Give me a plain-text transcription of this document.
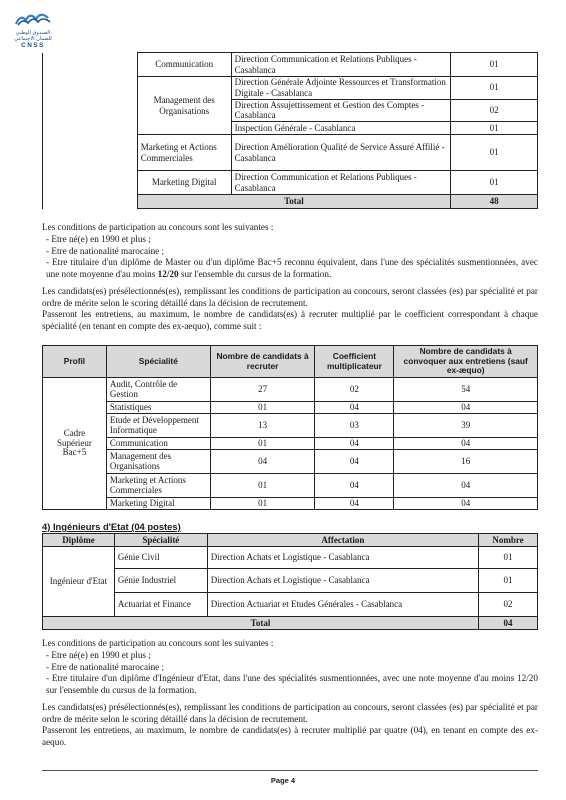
الصندوق الوطني للضمان الاجتماعي
CNSS
	Communication	Direction Communication et Relations Publiques - Casablanca	01
	Management des Organisations	Direction Générale Adjointe Ressources et Transformation Digitale - Casablanca	01
		Direction Assujettissement et Gestion des Comptes - Casablanca	02
		Inspection Générale - Casablanca	01
	Marketing et Actions Commerciales	Direction Amélioration Qualité de Service Assuré Affilié - Casablanca	01
	Marketing Digital	Direction Communication et Relations Publiques - Casablanca	01
	Total		48
Les conditions de participation au concours sont les suivantes :
- Etre né(e) en 1990 et plus ;
- Etre de nationalité marocaine ;
- Etre titulaire d'un diplôme de Master ou d'un diplôme Bac+5 reconnu équivalent, dans l'une des spécialités susmentionnées, avec une note moyenne d'au moins 12/20 sur l'ensemble du cursus de la formation.
Les candidats(es) présélectionnés(es), remplissant les conditions de participation au concours, seront classées (es) par spécialité et par ordre de mérite selon le scoring détaillé dans la décision de recrutement.
Passeront les entretiens, au maximum, le nombre de candidats(es) à recruter multiplié par le coefficient correspondant à chaque spécialité (en tenant en compte des ex-aequo), comme suit :
Profil	Spécialité	Nombre de candidats à recruter	Coefficient multiplicateur	Nombre de candidats à convoquer aux entretiens (sauf ex-æquo)
Cadre Supérieur Bac+5	Audit, Contrôle de Gestion	27	02	54
	Statistiques	01	04	04
	Etude et Développement Informatique	13	03	39
	Communication	01	04	04
	Management des Organisations	04	04	16
	Marketing et Actions Commerciales	01	04	04
	Marketing Digital	01	04	04
4) Ingénieurs d'Etat (04 postes)
Diplôme	Spécialité	Affectation	Nombre
Ingénieur d'Etat	Génie Civil	Direction Achats et Logistique - Casablanca	01
	Génie Industriel	Direction Achats et Logistique - Casablanca	01
	Actuariat et Finance	Direction Actuariat et Etudes Générales - Casablanca	02
Total			04
Les conditions de participation au concours sont les suivantes :
- Etre né(e) en 1990 et plus ;
- Etre de nationalité marocaine ;
- Etre titulaire d'un diplôme d'Ingénieur d'Etat, dans l'une des spécialités susmentionnées, avec une note moyenne d'au moins 12/20 sur l'ensemble du cursus de la formation.
Les candidats(es) présélectionnés(es), remplissant les conditions de participation au concours, seront classées (es) par spécialité et par ordre de mérite selon le scoring détaillé dans la décision de recrutement.
Passeront les entretiens, au maximum, le nombre de candidats(es) à recruter multiplié par quatre (04), en tenant en compte des ex-aequo.
Page 4
